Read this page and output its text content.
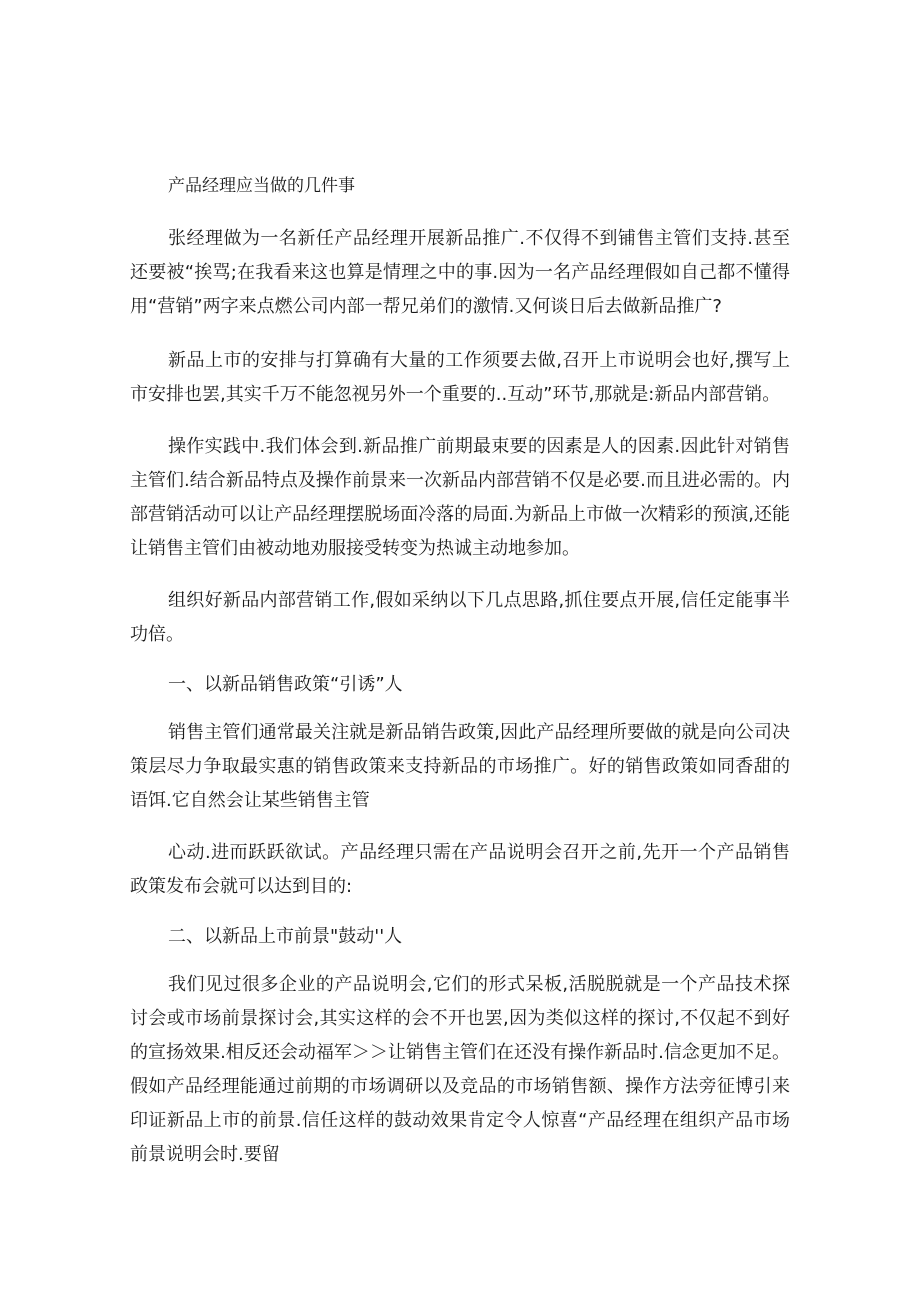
产品经理应当做的几件事

张经理做为一名新任产品经理开展新品推广.不仅得不到铺售主管们支持.甚至还要被“挨骂;在我看来这也算是情理之中的事.因为一名产品经理假如自己都不懂得用“营销”两字来点燃公司内部一帮兄弟们的激情.又何谈日后去做新品推广?

新品上市的安排与打算确有大量的工作须要去做,召开上市说明会也好,撰写上市安排也罢,其实千万不能忽视另外一个重要的..互动”环节,那就是:新品内部营销。

操作实践中.我们体会到.新品推广前期最束要的因素是人的因素.因此针对销售主管们.结合新品特点及操作前景来一次新品内部营销不仅是必要.而且进必需的。内部营销活动可以让产品经理摆脱场面冷落的局面.为新品上市做一次精彩的预演,还能让销售主管们由被动地劝服接受转变为热诚主动地参加。

组织好新品内部营销工作,假如采纳以下几点思路,抓住要点开展,信任定能事半功倍。

一、以新品销售政策“引诱”人

销售主管们通常最关注就是新品销告政策,因此产品经理所要做的就是向公司决策层尽力争取最实惠的销售政策来支持新品的市场推广。好的销售政策如同香甜的语饵.它自然会让某些销售主管

心动.进而跃跃欲试。产品经理只需在产品说明会召开之前,先开一个产品销售政策发布会就可以达到目的:

二、以新品上市前景"鼓动''人

我们见过很多企业的产品说明会,它们的形式呆板,活脱脱就是一个产品技术探讨会或市场前景探讨会,其实这样的会不开也罢,因为类似这样的探讨,不仅起不到好的宣扬效果.相反还会动福军＞＞让销售主管们在还没有操作新品时.信念更加不足。假如产品经理能通过前期的市场调研以及竞品的市场销售额、操作方法旁征博引来印证新品上市的前景.信任这样的鼓动效果肯定令人惊喜“产品经理在组织产品市场前景说明会时.要留
